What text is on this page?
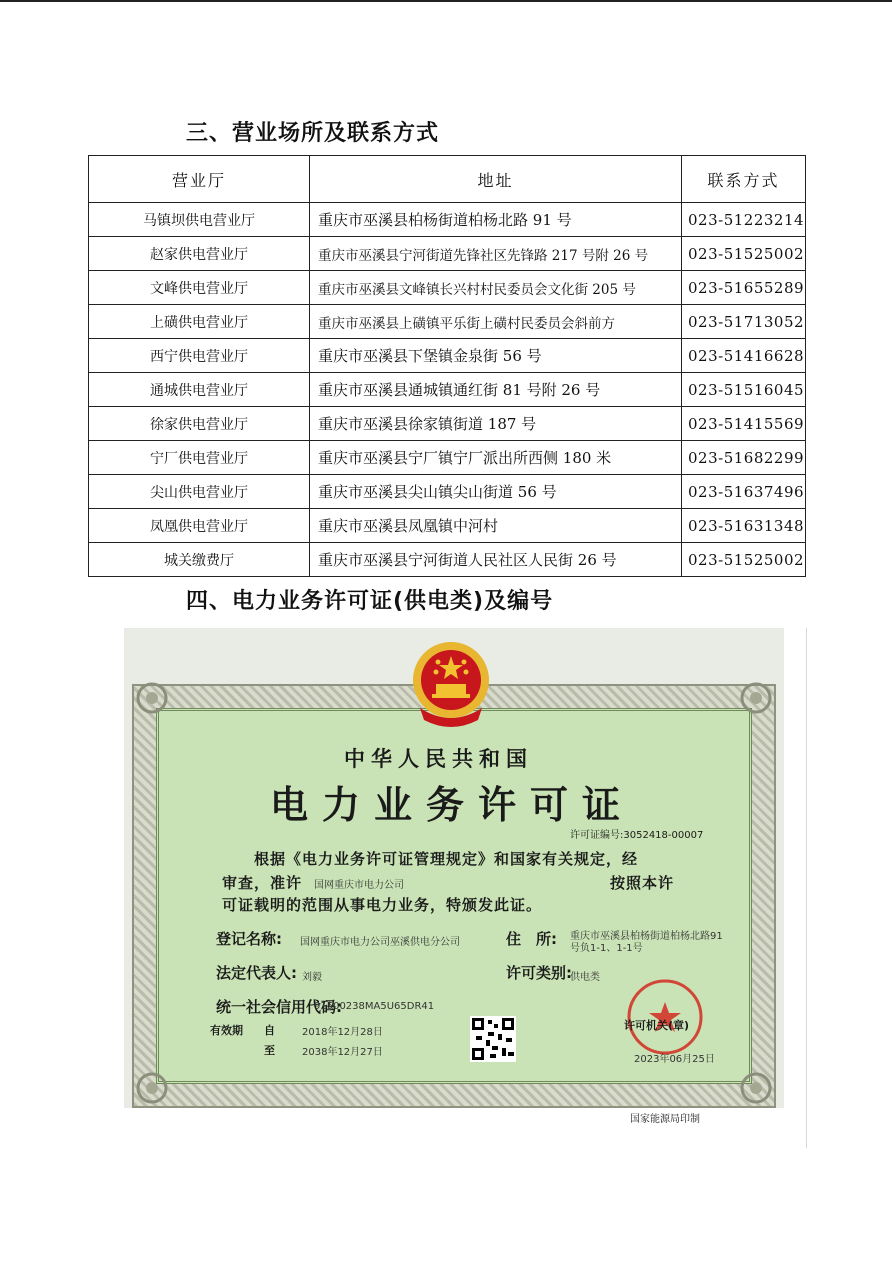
三、营业场所及联系方式
营业厅	地址	联系方式
马镇坝供电营业厅	重庆市巫溪县柏杨街道柏杨北路 91 号	023-51223214
赵家供电营业厅	重庆市巫溪县宁河街道先锋社区先锋路 217 号附 26 号	023-51525002
文峰供电营业厅	重庆市巫溪县文峰镇长兴村村民委员会文化街 205 号	023-51655289
上磺供电营业厅	重庆市巫溪县上磺镇平乐街上磺村民委员会斜前方	023-51713052
西宁供电营业厅	重庆市巫溪县下堡镇金泉街 56 号	023-51416628
通城供电营业厅	重庆市巫溪县通城镇通红街 81 号附 26 号	023-51516045
徐家供电营业厅	重庆市巫溪县徐家镇街道 187 号	023-51415569
宁厂供电营业厅	重庆市巫溪县宁厂镇宁厂派出所西侧 180 米	023-51682299
尖山供电营业厅	重庆市巫溪县尖山镇尖山街道 56 号	023-51637496
凤凰供电营业厅	重庆市巫溪县凤凰镇中河村	023-51631348
城关缴费厅	重庆市巫溪县宁河街道人民社区人民街 26 号	023-51525002
四、电力业务许可证(供电类)及编号
中华人民共和国
电力业务许可证
许可证编号:3052418-00007
根据《电力业务许可证管理规定》和国家有关规定，经
审查，准许 国网重庆市电力公司	按照本许
可证载明的范围从事电力业务，特颁发此证。
登记名称: 国网重庆市电力公司巫溪供电分公司	住　所: 重庆市巫溪县柏杨街道柏杨北路91
号负1-1、1-1号
法定代表人: 刘毅	许可类别:
供电类
统一社会信用代码:
91500238MA5U65DR41
有效期 自	2018年12月28日
至	2038年12月27日
许可机关(章)
2023年06月25日
国家能源局印制
